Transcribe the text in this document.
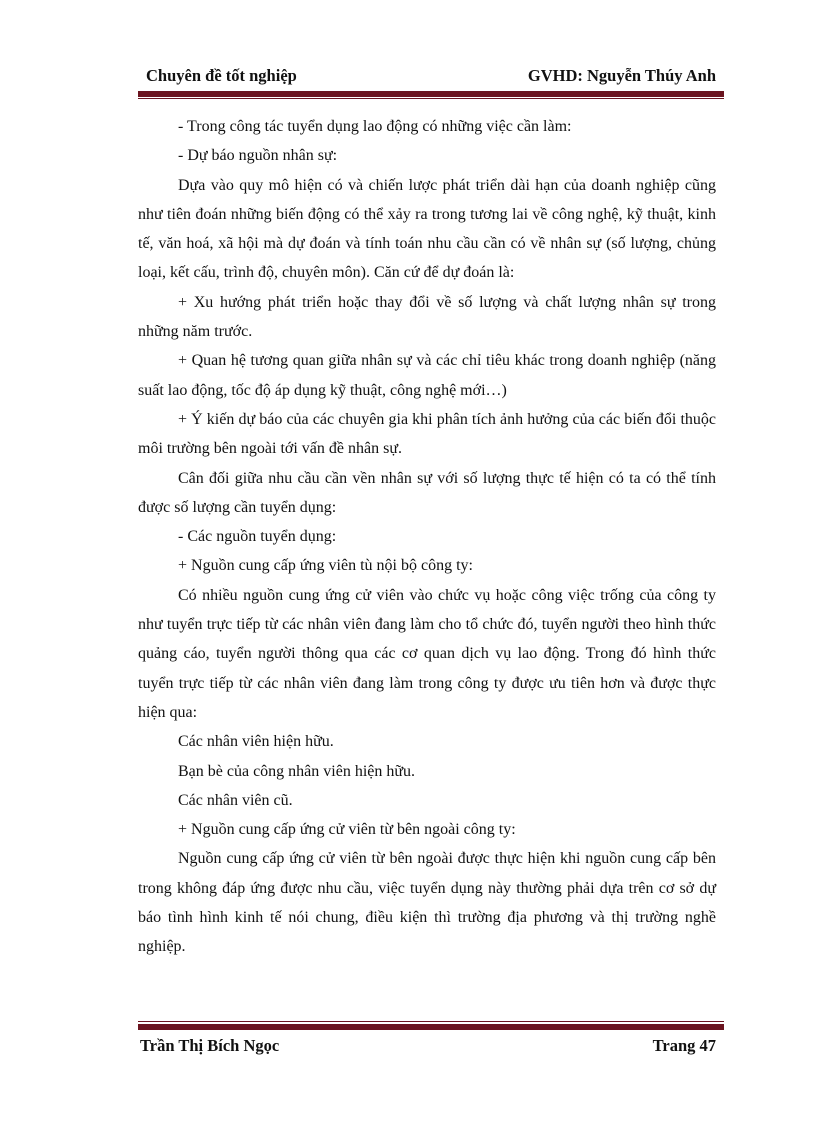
Chuyên đề tốt nghiệp	GVHD: Nguyễn Thúy Anh

- Trong công tác tuyển dụng lao động có những việc cần làm:

- Dự báo nguồn nhân sự:

Dựa vào quy mô hiện có và chiến lược phát triển dài hạn của doanh nghiệp cũng như tiên đoán những biến động có thể xảy ra trong tương lai về công nghệ, kỹ thuật, kinh tế, văn hoá, xã hội mà dự đoán và tính toán nhu cầu cần có về nhân sự (số lượng, chủng loại, kết cấu, trình độ, chuyên môn). Căn cứ để dự đoán là:

+ Xu hướng phát triển hoặc thay đổi về số lượng và chất lượng nhân sự trong những năm trước.

+ Quan hệ tương quan giữa nhân sự và các chỉ tiêu khác trong doanh nghiệp (năng suất lao động, tốc độ áp dụng kỹ thuật, công nghệ mới…)

+ Ý kiến dự báo của các chuyên gia khi phân tích ảnh hưởng của các biến đổi thuộc môi trường bên ngoài tới vấn đề nhân sự.

Cân đối giữa nhu cầu cần vền nhân sự với số lượng thực tế hiện có ta có thể tính được số lượng cần tuyển dụng:

- Các nguồn tuyển dụng:

+ Nguồn cung cấp ứng viên tù nội bộ công ty:

Có nhiều nguồn cung ứng cử viên vào chức vụ hoặc công việc trống của công ty như tuyển trực tiếp từ các nhân viên đang làm cho tổ chức đó, tuyển người theo hình thức quảng cáo, tuyển người thông qua các cơ quan dịch vụ lao động. Trong đó hình thức tuyển trực tiếp từ các nhân viên đang làm trong công ty được ưu tiên hơn và được thực hiện qua:

Các nhân viên hiện hữu.

Bạn bè của công nhân viên hiện hữu.

Các nhân viên cũ.

+ Nguồn cung cấp ứng cử viên từ bên ngoài công ty:

Nguồn cung cấp ứng cử viên từ bên ngoài được thực hiện khi nguồn cung cấp bên trong không đáp ứng được nhu cầu, việc tuyển dụng này thường phải dựa trên cơ sở dự báo tình hình kinh tế nói chung, điều kiện thì trường địa phương và thị trường nghề nghiệp.

Trần Thị Bích Ngọc	Trang 47
